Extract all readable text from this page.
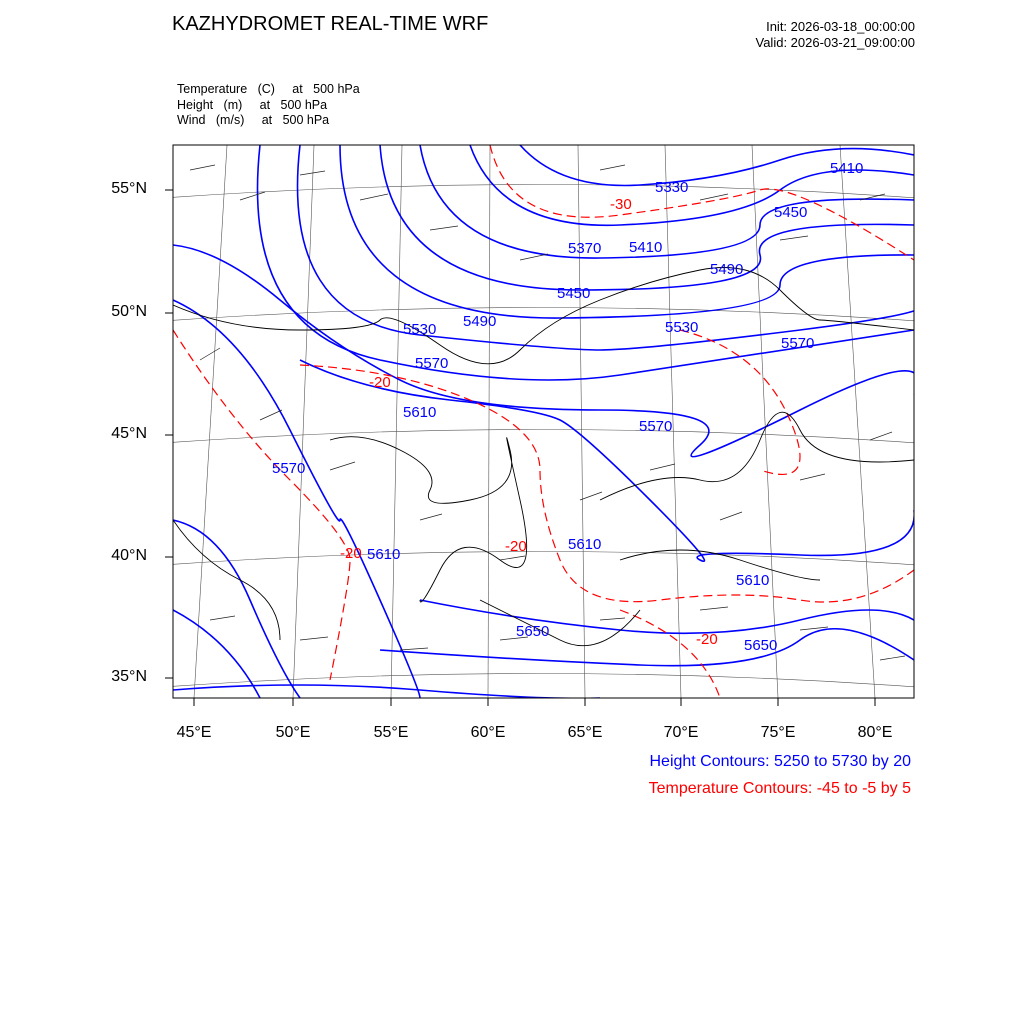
KAZHYDROMET REAL-TIME WRF	Init: 2026-03-18_00:00:00
Valid: 2026-03-21_09:00:00
Temperature   (C)     at   500 hPa
Height   (m)     at   500 hPa
Wind   (m/s)     at   500 hPa
5410
5330
5450
5370 5410
5490
5450
5530 5490	5530
5570
5570
5610
5570
5570
5610
5610
5610
5650
5650
-30
-20
-20	-20
-20
55°N
50°N
45°N
40°N
35°N
45°E	50°E	55°E	60°E	65°E	70°E	75°E	80°E
Height Contours: 5250 to 5730 by 20
Temperature Contours: -45 to -5 by 5
